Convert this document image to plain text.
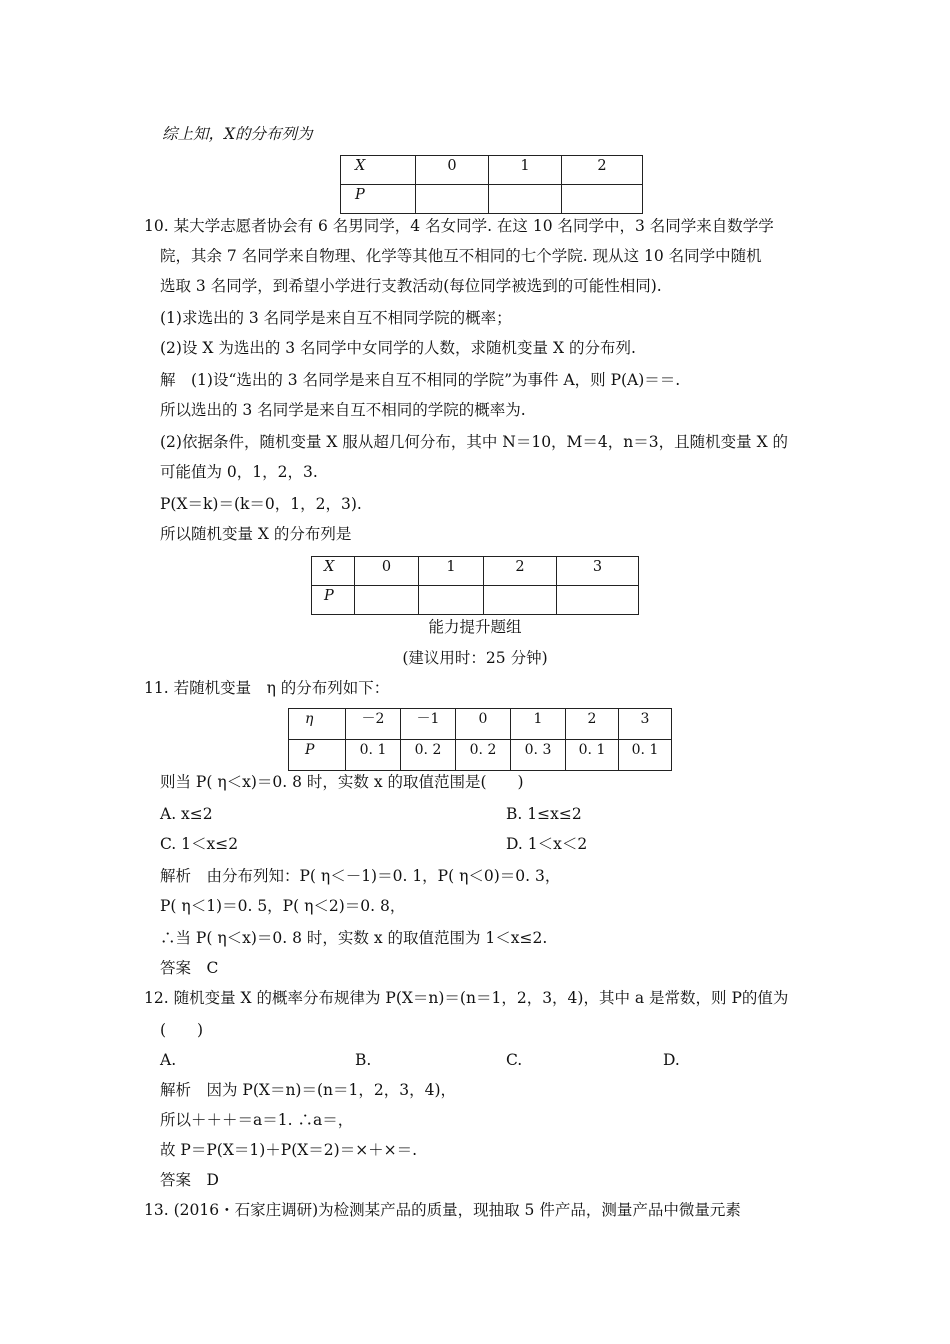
综上知，X的分布列为
X	0	1	2
P			
10. 某大学志愿者协会有 6 名男同学，4 名女同学. 在这 10 名同学中，3 名同学来自数学学
院，其余 7 名同学来自物理、化学等其他互不相同的七个学院. 现从这 10 名同学中随机
选取 3 名同学，到希望小学进行支教活动(每位同学被选到的可能性相同).
(1)求选出的 3 名同学是来自互不相同学院的概率；
(2)设 X 为选出的 3 名同学中女同学的人数，求随机变量 X 的分布列.
解　(1)设“选出的 3 名同学是来自互不相同的学院”为事件 A，则 P(A)＝＝.
所以选出的 3 名同学是来自互不相同的学院的概率为.
(2)依据条件，随机变量 X 服从超几何分布，其中 N＝10，M＝4，n＝3，且随机变量 X 的
可能值为 0，1，2，3.
P(X＝k)＝(k＝0，1，2，3).
所以随机变量 X 的分布列是
X	0	1	2	3
P				
能力提升题组
(建议用时：25 分钟)
11. 若随机变量　η 的分布列如下：
η	－2	－1	0	1	2	3
P	0. 1	0. 2	0. 2	0. 3	0. 1	0. 1
则当 P( η＜x)＝0. 8 时，实数 x 的取值范围是(　　)
A. x≤2	B. 1≤x≤2
C. 1＜x≤2	D. 1＜x＜2
解析　由分布列知：P( η＜－1)＝0. 1，P( η＜0)＝0. 3，
P( η＜1)＝0. 5，P( η＜2)＝0. 8，
∴当 P( η＜x)＝0. 8 时，实数 x 的取值范围为 1＜x≤2.
答案　C
12. 随机变量 X 的概率分布规律为 P(X＝n)＝(n＝1，2，3，4)，其中 a 是常数，则 P的值为
(　　)
A.	B.	C.	D.
解析　因为 P(X＝n)＝(n＝1，2，3，4)，
所以＋＋＋＝a＝1. ∴a＝，
故 P＝P(X＝1)＋P(X＝2)＝×＋×＝.
答案　D
13. (2016・石家庄调研)为检测某产品的质量，现抽取 5 件产品，测量产品中微量元素
